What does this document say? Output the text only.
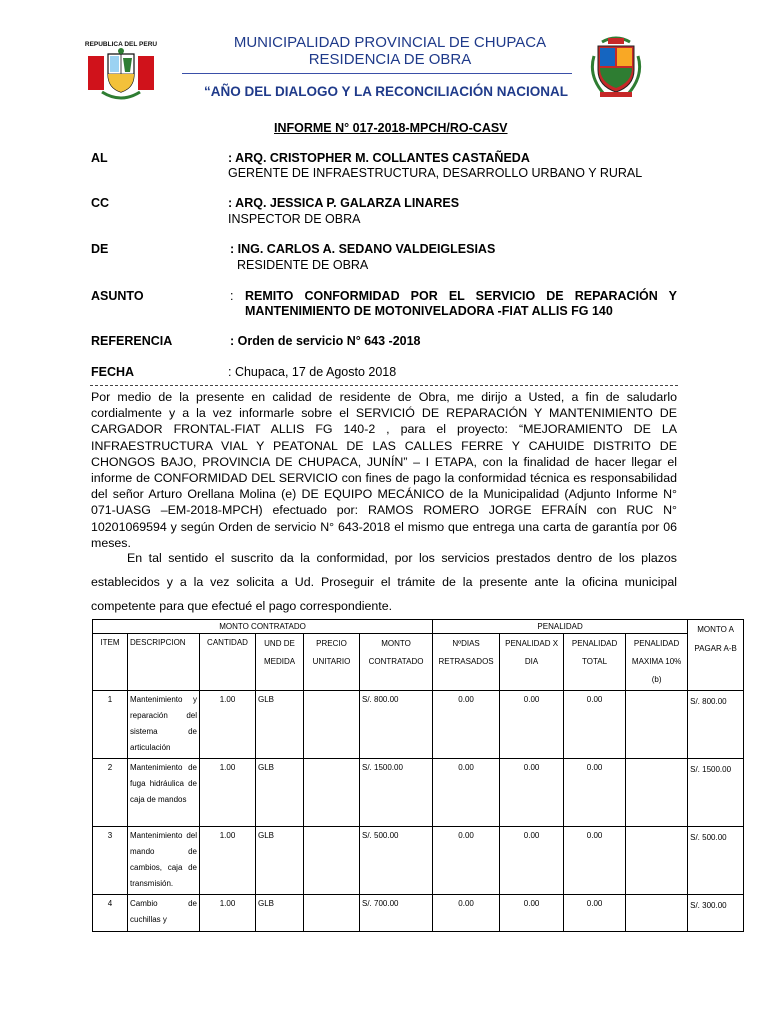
REPUBLICA DEL PERU	MUNICIPALIDAD PROVINCIAL DE CHUPACA
RESIDENCIA DE OBRA
“AÑO DEL DIALOGO Y LA RECONCILIACIÓN NACIONAL
INFORME N° 017-2018-MPCH/RO-CASV
AL	: ARQ. CRISTOPHER M. COLLANTES CASTAÑEDA
GERENTE DE INFRAESTRUCTURA, DESARROLLO URBANO Y RURAL
CC	: ARQ. JESSICA P. GALARZA LINARES
INSPECTOR DE OBRA
DE	: ING. CARLOS A. SEDANO VALDEIGLESIAS
RESIDENTE DE OBRA
ASUNTO	: REMITO CONFORMIDAD POR EL SERVICIO DE REPARACIÓN Y
MANTENIMIENTO DE MOTONIVELADORA -FIAT ALLIS FG 140
REFERENCIA	: Orden de servicio N° 643 -2018
FECHA	: Chupaca, 17 de Agosto 2018
Por medio de la presente en calidad de residente de Obra, me dirijo a Usted, a fin de saludarlo cordialmente y a la vez informarle sobre el SERVICIÓ DE REPARACIÓN Y MANTENIMIENTO DE CARGADOR FRONTAL-FIAT ALLIS FG 140-2 , para el proyecto: “MEJORAMIENTO DE LA INFRAESTRUCTURA VIAL Y PEATONAL DE LAS CALLES FERRE Y CAHUIDE DISTRITO DE CHONGOS BAJO, PROVINCIA DE CHUPACA, JUNÍN” – I ETAPA, con la finalidad de hacer llegar el informe de CONFORMIDAD DEL SERVICIO con fines de pago la conformidad técnica es responsabilidad del señor Arturo Orellana Molina (e) DE EQUIPO MECÁNICO de la Municipalidad (Adjunto Informe N° 071-UASG –EM-2018-MPCH) efectuado por: RAMOS ROMERO JORGE EFRAÍN con RUC N° 10201069594 y según Orden de servicio N° 643-2018 el mismo que entrega una carta de garantía por 06 meses.
En tal sentido el suscrito da la conformidad, por los servicios prestados dentro de los plazos establecidos y a la vez solicita a Ud. Proseguir el trámite de la presente ante la oficina municipal competente para que efectué el pago correspondiente.
MONTO CONTRATADO						PENALIDAD				MONTO A PAGAR A-B
ITEM	DESCRIPCION	CANTIDAD	UND DE MEDIDA	PRECIO UNITARIO	MONTO CONTRATADO	NºDIAS RETRASADOS	PENALIDAD X DIA	PENALIDAD TOTAL	PENALIDAD MAXIMA 10% (b)	
1	Mantenimiento y reparación del sistema de articulación	1.00	GLB		S/. 800.00	0.00	0.00	0.00		S/. 800.00
2	Mantenimiento de fuga hidráulica de caja de mandos	1.00	GLB		S/. 1500.00	0.00	0.00	0.00		S/. 1500.00
3	Mantenimiento del mando de cambios, caja de transmisión.	1.00	GLB		S/. 500.00	0.00	0.00	0.00		S/. 500.00
4	Cambio de cuchillas y	1.00	GLB		S/. 700.00	0.00	0.00	0.00		S/. 300.00
